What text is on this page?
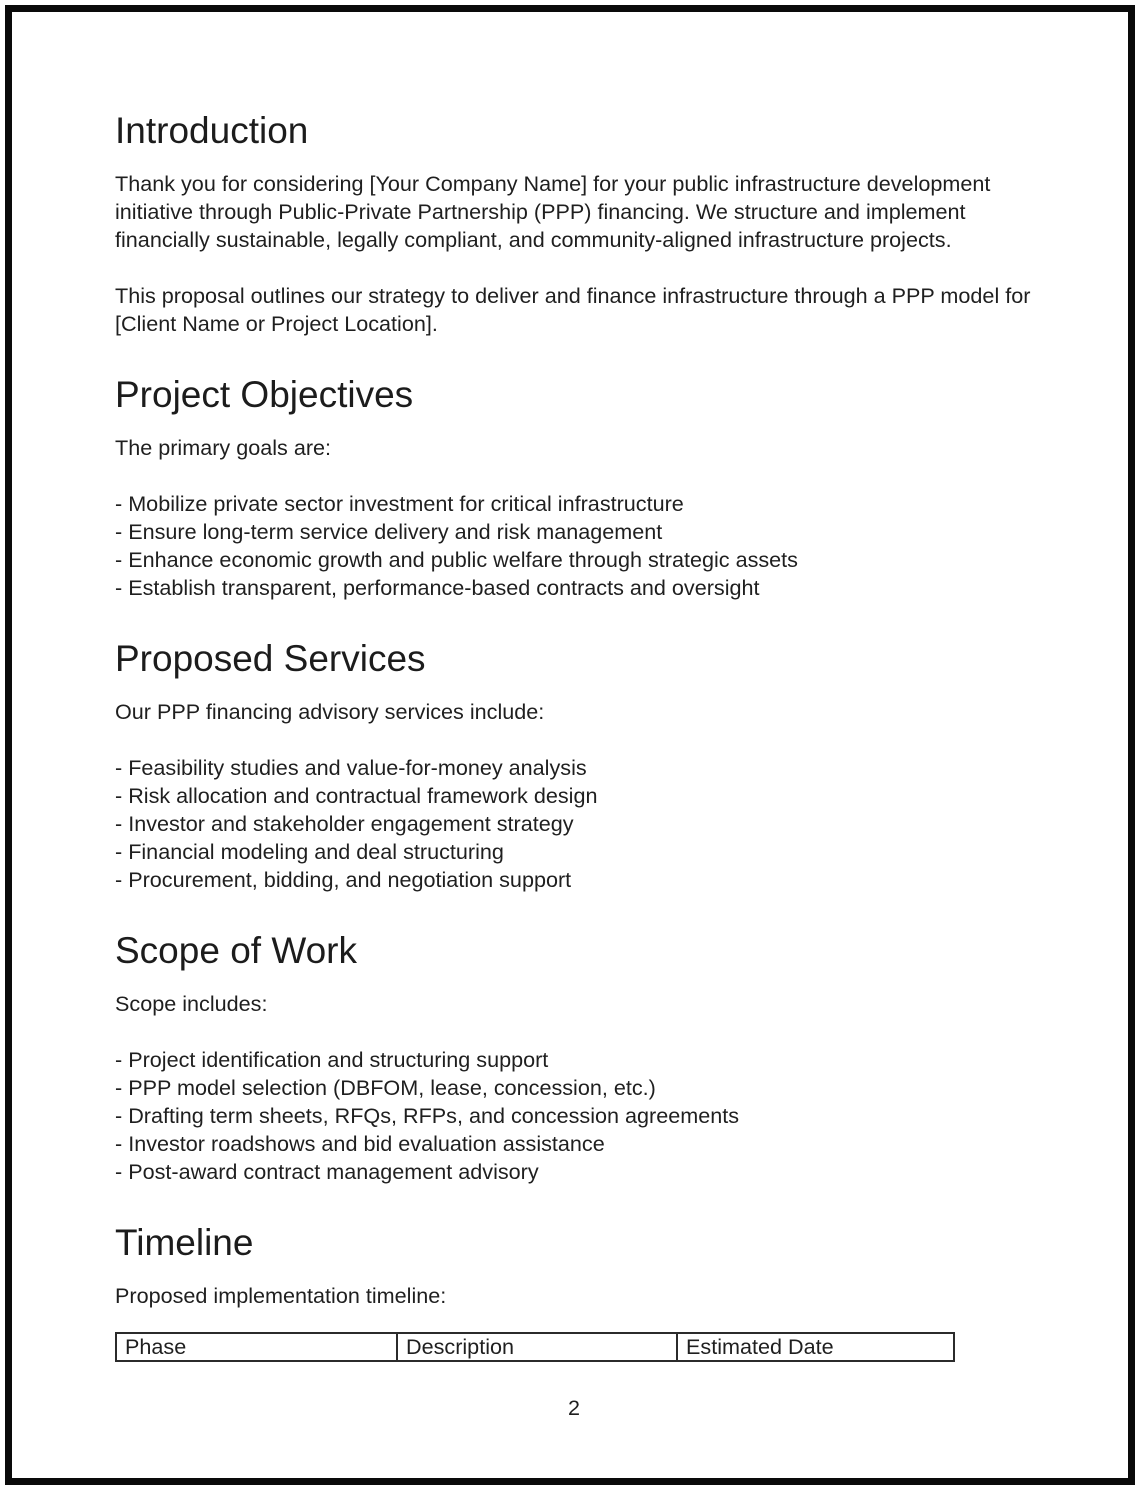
Introduction

Thank you for considering [Your Company Name] for your public infrastructure development initiative through Public-Private Partnership (PPP) financing. We structure and implement financially sustainable, legally compliant, and community-aligned infrastructure projects.

This proposal outlines our strategy to deliver and finance infrastructure through a PPP model for [Client Name or Project Location].

Project Objectives

The primary goals are:

- Mobilize private sector investment for critical infrastructure
- Ensure long-term service delivery and risk management
- Enhance economic growth and public welfare through strategic assets
- Establish transparent, performance-based contracts and oversight
Proposed Services

Our PPP financing advisory services include:

- Feasibility studies and value-for-money analysis
- Risk allocation and contractual framework design
- Investor and stakeholder engagement strategy
- Financial modeling and deal structuring
- Procurement, bidding, and negotiation support
Scope of Work

Scope includes:

- Project identification and structuring support
- PPP model selection (DBFOM, lease, concession, etc.)
- Drafting term sheets, RFQs, RFPs, and concession agreements
- Investor roadshows and bid evaluation assistance
- Post-award contract management advisory
Timeline

Proposed implementation timeline:

Phase	Description	Estimated Date
2
